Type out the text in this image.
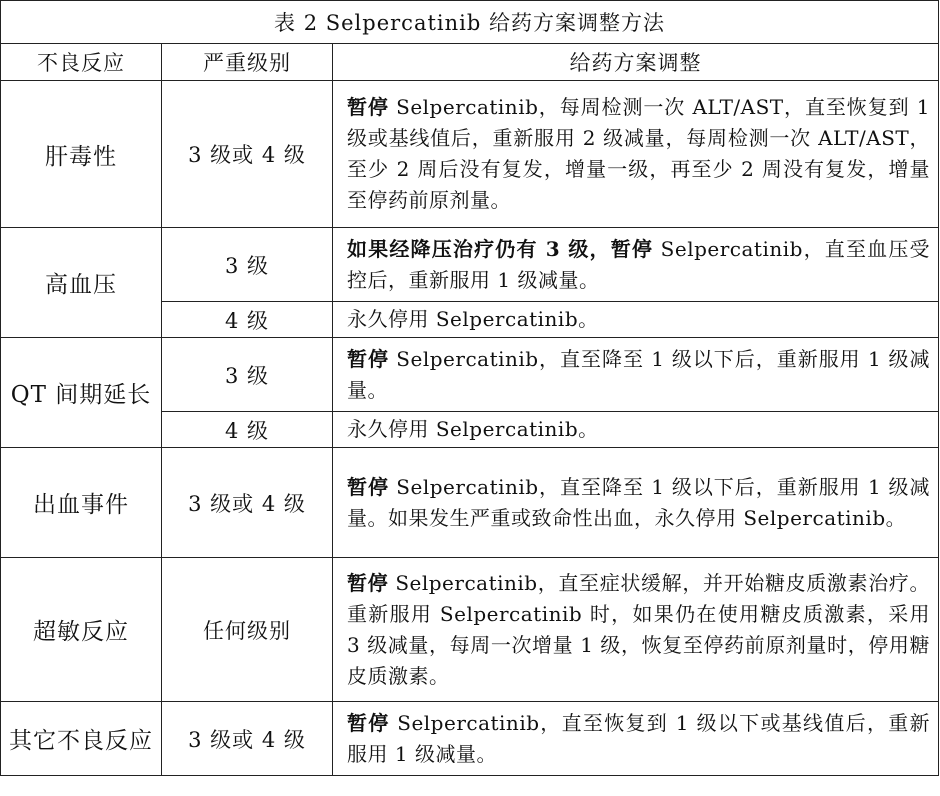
表 2 Selpercatinib 给药方案调整方法		
不良反应	严重级别	给药方案调整
肝毒性	3 级或 4 级	暂停 Selpercatinib，每周检测一次 ALT/AST，直至恢复到 1 级或基线值后，重新服用 2 级减量，每周检测一次 ALT/AST，至少 2 周后没有复发，增量一级，再至少 2 周没有复发，增量至停药前原剂量。
高血压	3 级	如果经降压治疗仍有 3 级，暂停 Selpercatinib，直至血压受控后，重新服用 1 级减量。
	4 级	永久停用 Selpercatinib。
QT 间期延长	3 级	暂停 Selpercatinib，直至降至 1 级以下后，重新服用 1 级减量。
	4 级	永久停用 Selpercatinib。
出血事件	3 级或 4 级	暂停 Selpercatinib，直至降至 1 级以下后，重新服用 1 级减量。如果发生严重或致命性出血，永久停用 Selpercatinib。
超敏反应	任何级别	暂停 Selpercatinib，直至症状缓解，并开始糖皮质激素治疗。重新服用 Selpercatinib 时，如果仍在使用糖皮质激素，采用 3 级减量，每周一次增量 1 级，恢复至停药前原剂量时，停用糖皮质激素。
其它不良反应	3 级或 4 级	暂停 Selpercatinib，直至恢复到 1 级以下或基线值后，重新服用 1 级减量。
